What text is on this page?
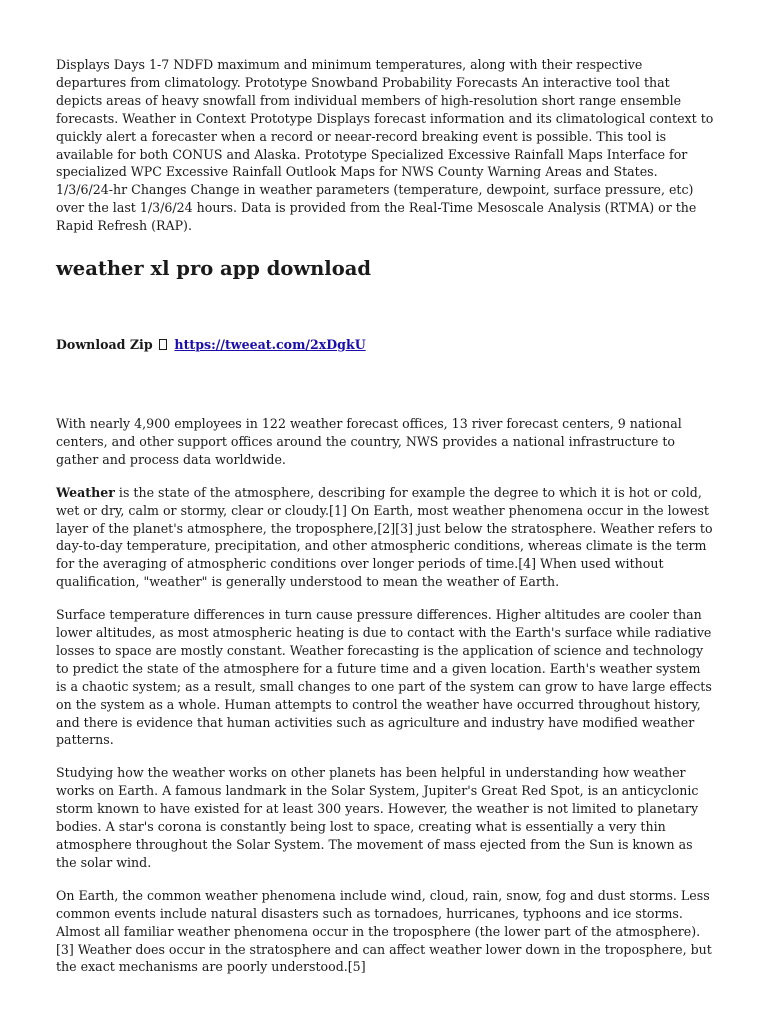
Displays Days 1-7 NDFD maximum and minimum temperatures, along with their respective departures from climatology. Prototype Snowband Probability Forecasts An interactive tool that depicts areas of heavy snowfall from individual members of high-resolution short range ensemble forecasts. Weather in Context Prototype Displays forecast information and its climatological context to quickly alert a forecaster when a record or neear-record breaking event is possible. This tool is available for both CONUS and Alaska. Prototype Specialized Excessive Rainfall Maps Interface for specialized WPC Excessive Rainfall Outlook Maps for NWS County Warning Areas and States. 1/3/6/24-hr Changes Change in weather parameters (temperature, dewpoint, surface pressure, etc) over the last 1/3/6/24 hours. Data is provided from the Real-Time Mesoscale Analysis (RTMA) or the Rapid Refresh (RAP).

weather xl pro app download

Download Zip https://tweeat.com/2xDgkU

With nearly 4,900 employees in 122 weather forecast offices, 13 river forecast centers, 9 national centers, and other support offices around the country, NWS provides a national infrastructure to gather and process data worldwide.

Weather is the state of the atmosphere, describing for example the degree to which it is hot or cold, wet or dry, calm or stormy, clear or cloudy.[1] On Earth, most weather phenomena occur in the lowest layer of the planet's atmosphere, the troposphere,[2][3] just below the stratosphere. Weather refers to day-to-day temperature, precipitation, and other atmospheric conditions, whereas climate is the term for the averaging of atmospheric conditions over longer periods of time.[4] When used without qualification, "weather" is generally understood to mean the weather of Earth.

Surface temperature differences in turn cause pressure differences. Higher altitudes are cooler than lower altitudes, as most atmospheric heating is due to contact with the Earth's surface while radiative losses to space are mostly constant. Weather forecasting is the application of science and technology to predict the state of the atmosphere for a future time and a given location. Earth's weather system is a chaotic system; as a result, small changes to one part of the system can grow to have large effects on the system as a whole. Human attempts to control the weather have occurred throughout history, and there is evidence that human activities such as agriculture and industry have modified weather patterns.

Studying how the weather works on other planets has been helpful in understanding how weather works on Earth. A famous landmark in the Solar System, Jupiter's Great Red Spot, is an anticyclonic storm known to have existed for at least 300 years. However, the weather is not limited to planetary bodies. A star's corona is constantly being lost to space, creating what is essentially a very thin atmosphere throughout the Solar System. The movement of mass ejected from the Sun is known as the solar wind.

On Earth, the common weather phenomena include wind, cloud, rain, snow, fog and dust storms. Less common events include natural disasters such as tornadoes, hurricanes, typhoons and ice storms. Almost all familiar weather phenomena occur in the troposphere (the lower part of the atmosphere).[3] Weather does occur in the stratosphere and can affect weather lower down in the troposphere, but the exact mechanisms are poorly understood.[5]
